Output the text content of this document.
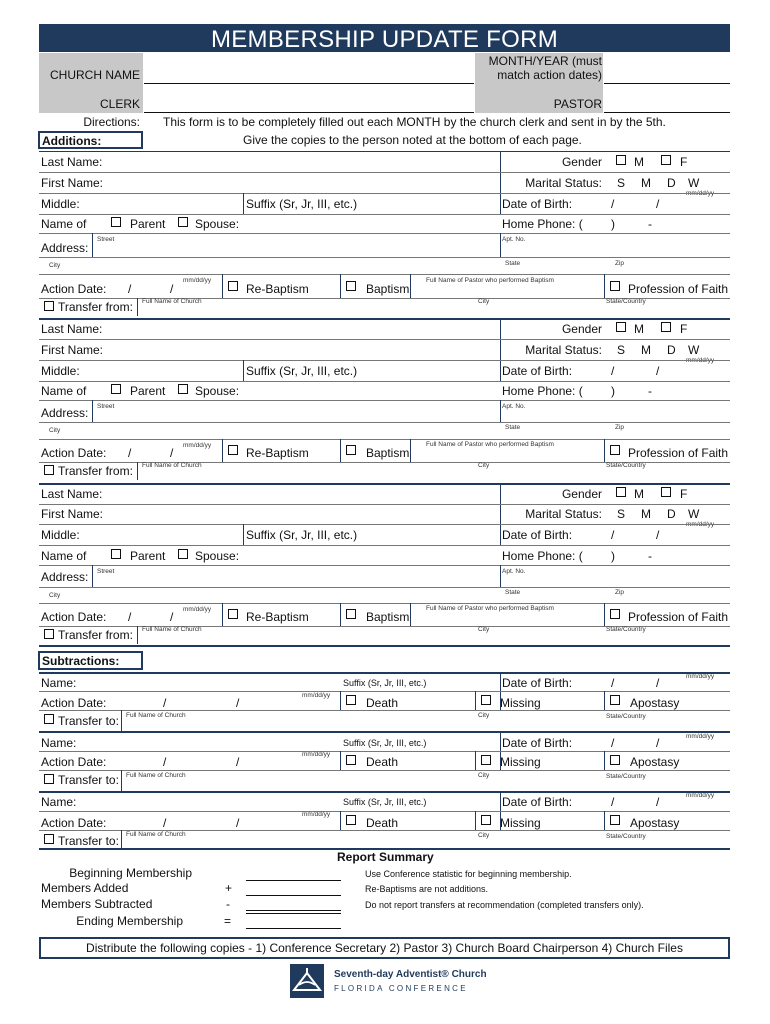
MEMBERSHIP UPDATE FORM
CHURCH NAME
MONTH/YEAR (must
match action dates)
CLERK	PASTOR
Directions: This form is to be completely filled out each MONTH by the church clerk and sent in by the 5th.
Give the copies to the person noted at the bottom of each page.
Additions:
Last Name:	Gender	M	F
First Name:	Marital Status: S M D W
mm/dd/yy
Middle:	Suffix (Sr, Jr, III, etc.)	Date of Birth:	/	/
Name of	Parent Spouse:	Home Phone: ( )	-
Address:
Street	Apt. No.
City	State	Zip
Action Date: /	/
mm/dd/yy
Re-Baptism	Baptism
Full Name of Pastor who performed Baptism
Profession of Faith
Transfer from: Full Name of Church	City	State/Country
Last Name:	Gender	M	F
First Name:	Marital Status: S M D W
mm/dd/yy
Middle:	Suffix (Sr, Jr, III, etc.)	Date of Birth:	/	/
Name of	Parent Spouse:	Home Phone: ( )	-
Address: Street	Apt. No.
City	State	Zip
Action Date: /	/
mm/dd/yy
Re-Baptism	Baptism
Full Name of Pastor who performed Baptism
Profession of Faith
Transfer from: Full Name of Church	City	State/Country
Last Name:	Gender	M	F
First Name:	Marital Status: S M D W
mm/dd/yy
Middle:	Suffix (Sr, Jr, III, etc.)	Date of Birth:	/	/
Name of	Parent Spouse:	Home Phone: ( )	-
Address: Street	Apt. No.
City	State	Zip
Action Date: /	/
mm/dd/yy
Re-Baptism	Baptism
Full Name of Pastor who performed Baptism
Profession of Faith
Transfer from: Full Name of Church	City	State/Country
Subtractions:
Name:	Suffix (Sr, Jr, III, etc.)	Date of Birth:	/	/	mm/dd/yy
Action Date:	/	/
mm/dd/yy
Death	Missing	Apostasy
Transfer to: Full Name of Church	City	State/Country
Name:	Suffix (Sr, Jr, III, etc.)	Date of Birth:	/	/	mm/dd/yy
Action Date:	/	/
mm/dd/yy
Death	Missing	Apostasy
Transfer to: Full Name of Church	City	State/Country
Name:	Suffix (Sr, Jr, III, etc.)	Date of Birth:	/	/	mm/dd/yy
Action Date:	/	/
mm/dd/yy
Death	Missing	Apostasy
Transfer to: Full Name of Church	City	State/Country
Report Summary
Beginning Membership
Members Added	+
Members Subtracted	-
Ending Membership	=
Use Conference statistic for beginning membership.
Re-Baptisms are not additions.
Do not report transfers at recommendation (completed transfers only).
Distribute the following copies - 1) Conference Secretary 2) Pastor 3) Church Board Chairperson 4) Church Files
Seventh-day Adventist® Church
FLORIDA CONFERENCE
